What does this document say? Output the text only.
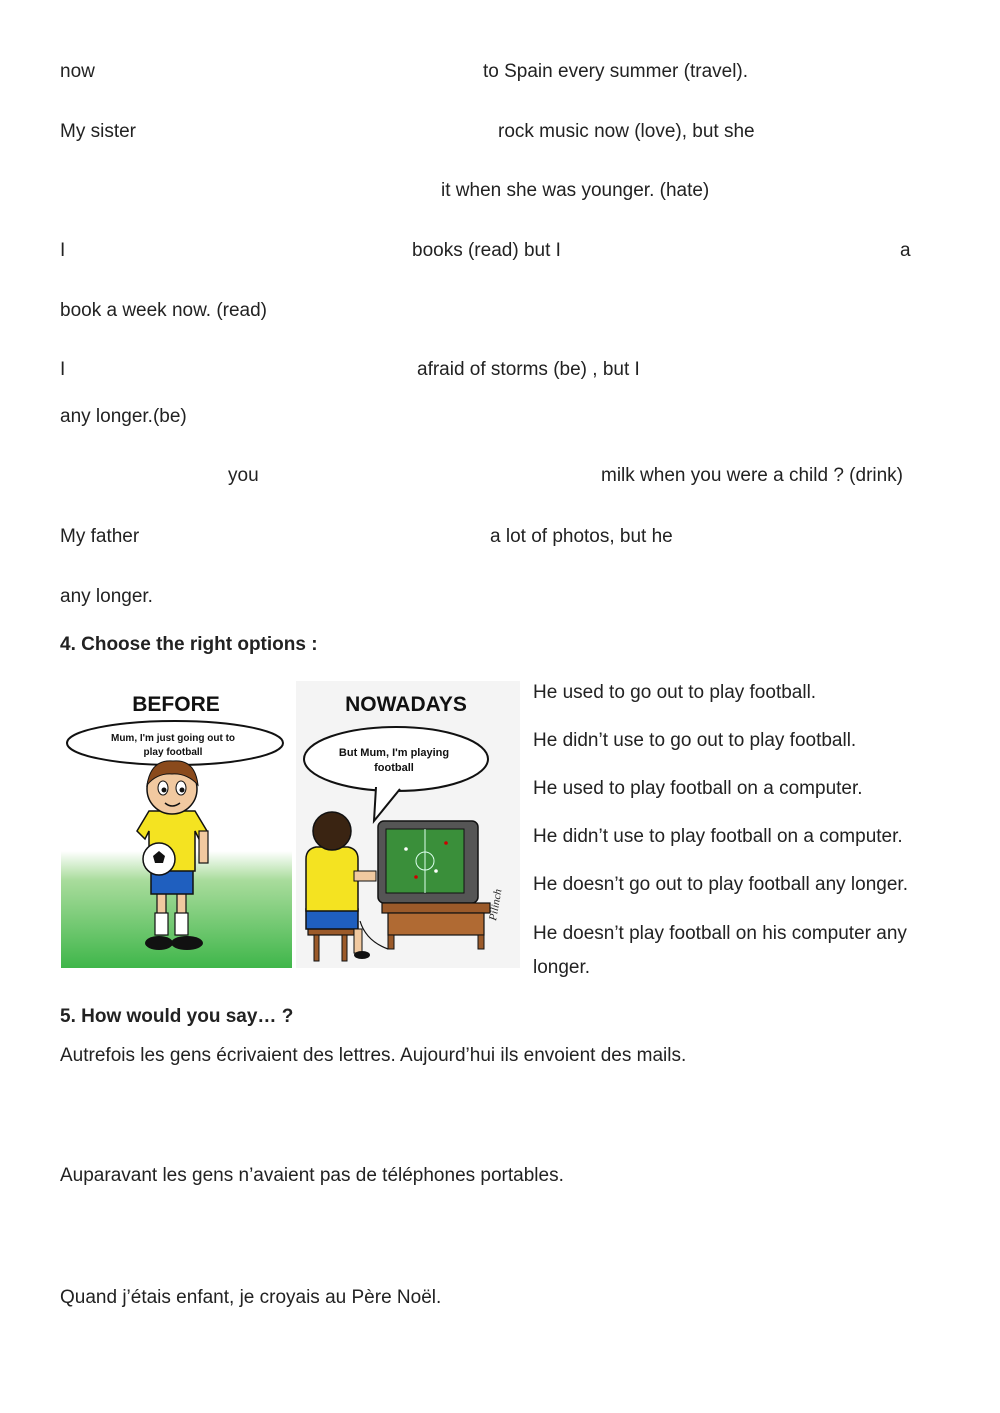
now	to Spain every summer (travel).
My sister	rock music now (love), but she
it when she was younger. (hate)
I	books (read) but I	a
book a week now. (read)
I	afraid of storms (be) , but I
any longer.(be)
you	milk when you were a child ? (drink)
My father	a lot of photos, but he
any longer.
4. Choose the right options :
BEFORE
Mum, I'm just going out to
play football
NOWADAYS
But Mum, I'm playing
football
Pilinch
He used to go out to play football.
He didn’t use to go out to play football.
He used to play football on a computer.
He didn’t use to play football on a computer.
He doesn’t go out to play football any longer.
He doesn’t play football on his computer any
longer.
5. How would you say… ?
Autrefois les gens écrivaient des lettres. Aujourd’hui ils envoient des mails.
Auparavant les gens n’avaient pas de téléphones portables.
Quand j’étais enfant, je croyais au Père Noël.
